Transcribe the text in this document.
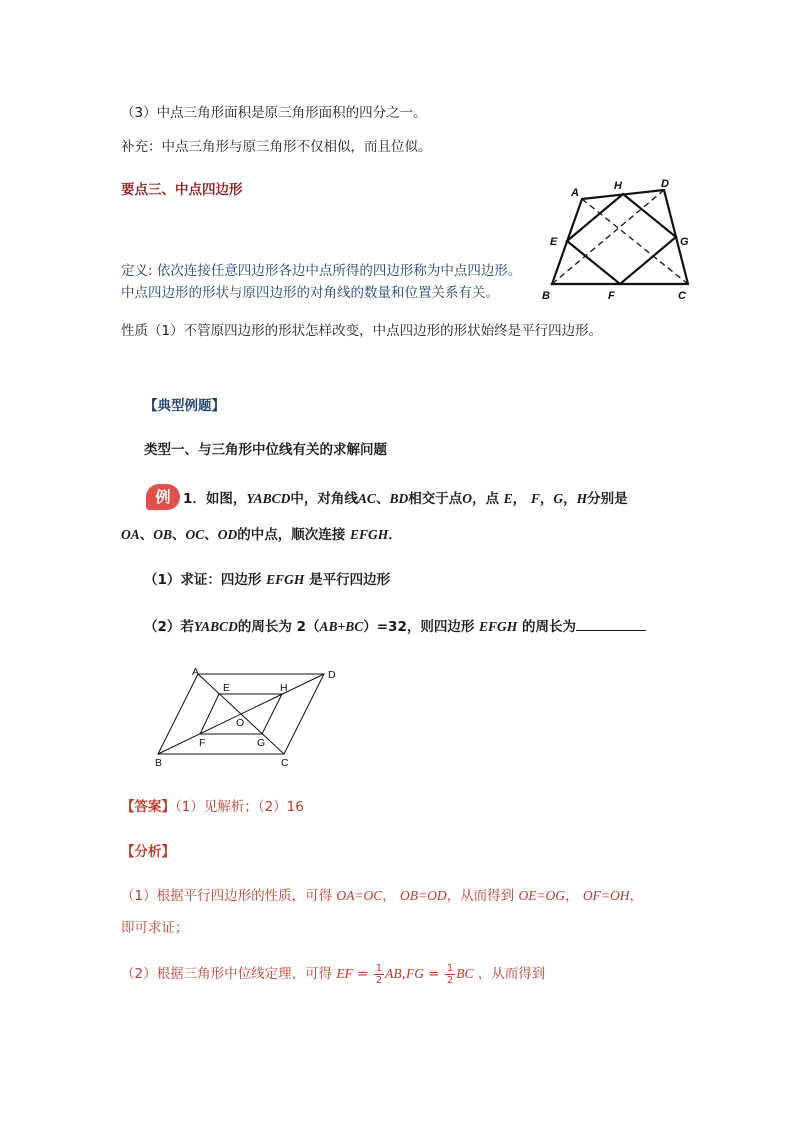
（3）中点三角形面积是原三角形面积的四分之一。
补充：中点三角形与原三角形不仅相似，而且位似。
要点三、中点四边形
定义: 依次连接任意四边形各边中点所得的四边形称为中点四边形。
中点四边形的形状与原四边形的对角线的数量和位置关系有关。
性质（1）不管原四边形的形状怎样改变，中点四边形的形状始终是平行四边形。
A
H	D
E	G
B	F	C
【典型例题】
类型一、与三角形中位线有关的求解问题
例 1．如图，YABCD中，对角线AC、BD相交于点O，点 E， F，G，H分别是
OA、OB、OC、OD的中点，顺次连接 EFGH．
（1）求证：四边形 EFGH 是平行四边形
（2）若YABCD的周长为 2（AB+BC）=32，则四边形 EFGH 的周长为
A	D
E	H
O
F	G
B	C
【答案】（1）见解析；（2）16
【分析】
（1）根据平行四边形的性质，可得 OA=OC， OB=OD，从而得到 OE=OG， OF=OH，
即可求证；
（2）根据三角形中位线定理，可得 EF = $\frac{1}{2} AB,FG = \frac{1}{2}$ BC ，从而得到
